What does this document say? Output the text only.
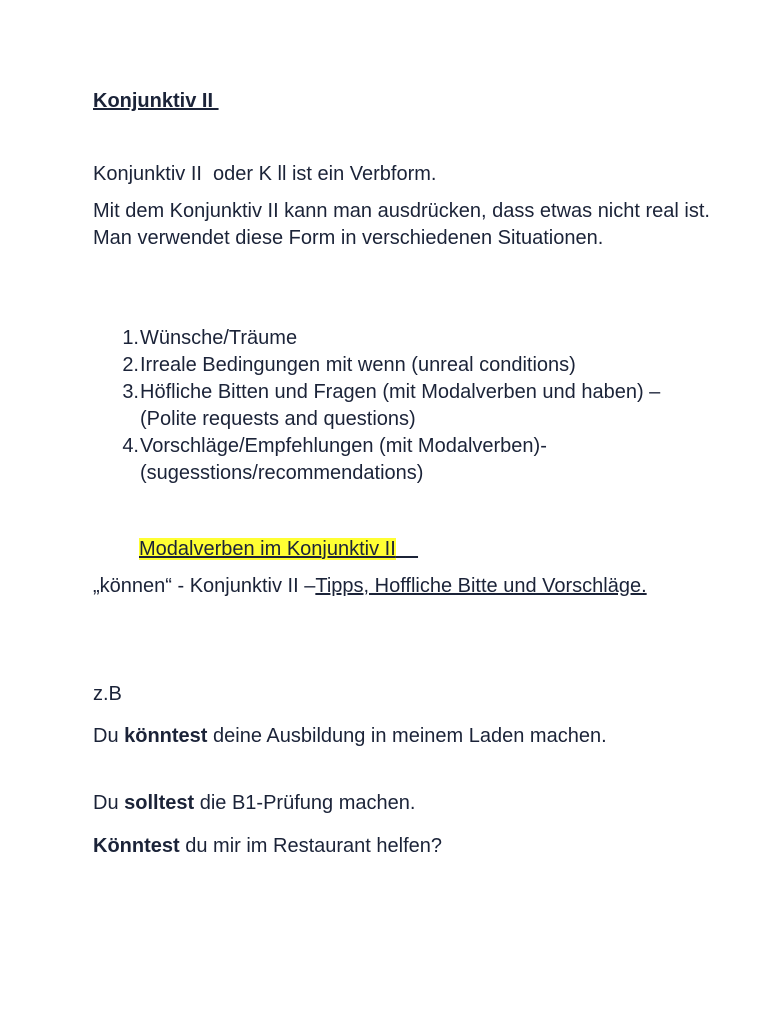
Konjunktiv II

Konjunktiv II  oder K ll ist ein Verbform.

Mit dem Konjunktiv II kann man ausdrücken, dass etwas nicht real ist. Man verwendet diese Form in verschiedenen Situationen.

1. Wünsche/Träume
2. Irreale Bedingungen mit wenn (unreal conditions)
3. Höfliche Bitten und Fragen (mit Modalverben und haben) – (Polite requests and questions)
4. Vorschläge/Empfehlungen (mit Modalverben)- (sugesstions/recommendations)
Modalverben im Konjunktiv II

„können“ - Konjunktiv II –Tipps, Hoffliche Bitte und Vorschläge.

z.B

Du könntest deine Ausbildung in meinem Laden machen.

Du solltest die B1-Prüfung machen.

Könntest du mir im Restaurant helfen?
